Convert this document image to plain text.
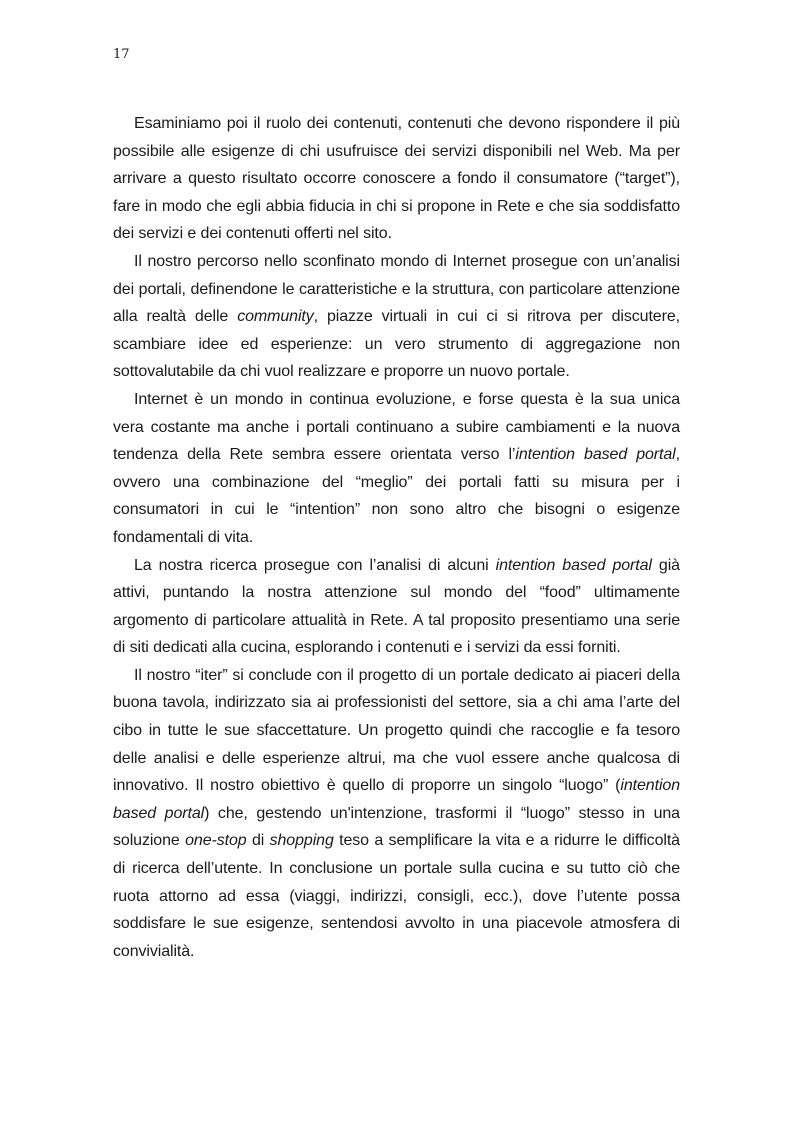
17

Esaminiamo poi il ruolo dei contenuti, contenuti che devono rispondere il più possibile alle esigenze di chi usufruisce dei servizi disponibili nel Web. Ma per arrivare a questo risultato occorre conoscere a fondo il consumatore (“target”), fare in modo che egli abbia fiducia in chi si propone in Rete e che sia soddisfatto dei servizi e dei contenuti offerti nel sito.

Il nostro percorso nello sconfinato mondo di Internet prosegue con un’analisi dei portali, definendone le caratteristiche e la struttura, con particolare attenzione alla realtà delle community, piazze virtuali in cui ci si ritrova per discutere, scambiare idee ed esperienze: un vero strumento di aggregazione non sottovalutabile da chi vuol realizzare e proporre un nuovo portale.

Internet è un mondo in continua evoluzione, e forse questa è la sua unica vera costante ma anche i portali continuano a subire cambiamenti e la nuova tendenza della Rete sembra essere orientata verso l’intention based portal, ovvero una combinazione del “meglio” dei portali fatti su misura per i consumatori in cui le “intention” non sono altro che bisogni o esigenze fondamentali di vita.

La nostra ricerca prosegue con l’analisi di alcuni intention based portal già attivi, puntando la nostra attenzione sul mondo del “food” ultimamente argomento di particolare attualità in Rete. A tal proposito presentiamo una serie di siti dedicati alla cucina, esplorando i contenuti e i servizi da essi forniti.

Il nostro “iter” si conclude con il progetto di un portale dedicato ai piaceri della buona tavola, indirizzato sia ai professionisti del settore, sia a chi ama l’arte del cibo in tutte le sue sfaccettature. Un progetto quindi che raccoglie e fa tesoro delle analisi e delle esperienze altrui, ma che vuol essere anche qualcosa di innovativo. Il nostro obiettivo è quello di proporre un singolo “luogo” (intention based portal) che, gestendo un'intenzione, trasformi il “luogo” stesso in una soluzione one-stop di shopping teso a semplificare la vita e a ridurre le difficoltà di ricerca dell’utente. In conclusione un portale sulla cucina e su tutto ciò che ruota attorno ad essa (viaggi, indirizzi, consigli, ecc.), dove l’utente possa soddisfare le sue esigenze, sentendosi avvolto in una piacevole atmosfera di convivialità.
